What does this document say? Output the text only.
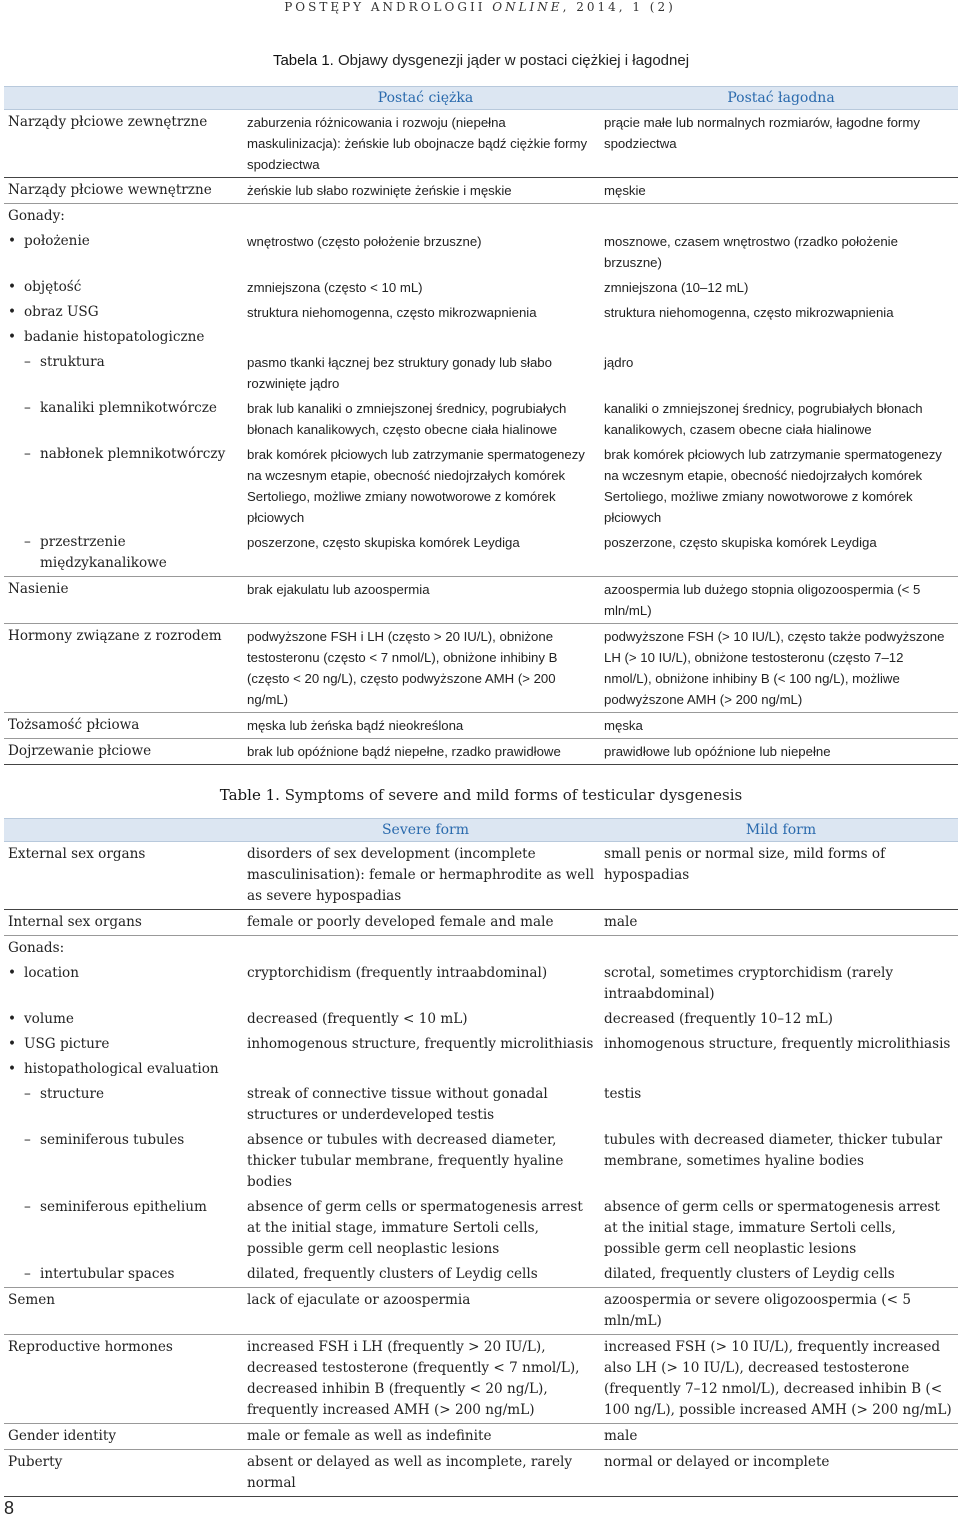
POSTĘPY ANDROLOGII ONLINE, 2014, 1 (2)
Tabela 1. Objawy dysgenezji jąder w postaci ciężkiej i łagodnej
	Postać ciężka	Postać łagodna
Narządy płciowe zewnętrzne	zaburzenia różnicowania i rozwoju (niepełna maskulinizacja): żeńskie lub obojnacze bądź ciężkie formy spodziectwa	prącie małe lub normalnych rozmiarów, łagodne formy spodziectwa
Narządy płciowe wewnętrzne	żeńskie lub słabo rozwinięte żeńskie i męskie	męskie
Gonady:		

• położenie	wnętrostwo (często położenie brzuszne)	mosznowe, czasem wnętrostwo (rzadko położenie brzuszne)

• objętość	zmniejszona (często < 10 mL)	zmniejszona (10–12 mL)

• obraz USG	struktura niehomogenna, często mikrozwapnienia	struktura niehomogenna, często mikrozwapnienia

• badanie histopatologiczne		

– struktura	pasmo tkanki łącznej bez struktury gonady lub słabo rozwinięte jądro	jądro

– kanaliki plemnikotwórcze	brak lub kanaliki o zmniejszonej średnicy, pogrubiałych błonach kanalikowych, często obecne ciała hialinowe	kanaliki o zmniejszonej średnicy, pogrubiałych błonach kanalikowych, czasem obecne ciała hialinowe

– nabłonek plemnikotwórczy	brak komórek płciowych lub zatrzymanie spermatogenezy na wczesnym etapie, obecność niedojrzałych komórek Sertoliego, możliwe zmiany nowotworowe z komórek płciowych	brak komórek płciowych lub zatrzymanie spermatogenezy na wczesnym etapie, obecność niedojrzałych komórek Sertoliego, możliwe zmiany nowotworowe z komórek płciowych

– przestrzenie międzykanalikowe	poszerzone, często skupiska komórek Leydiga	poszerzone, często skupiska komórek Leydiga
Nasienie	brak ejakulatu lub azoospermia	azoospermia lub dużego stopnia oligozoospermia (< 5 mln/mL)
Hormony związane z rozrodem	podwyższone FSH i LH (często > 20 IU/L), obniżone testosteronu (często < 7 nmol/L), obniżone inhibiny B (często < 20 ng/L), często podwyższone AMH (> 200 ng/mL)	podwyższone FSH (> 10 IU/L), często także podwyższone LH (> 10 IU/L), obniżone testosteronu (często 7–12 nmol/L), obniżone inhibiny B (< 100 ng/L), możliwe podwyższone AMH (> 200 ng/mL)
Tożsamość płciowa	męska lub żeńska bądź nieokreślona	męska
Dojrzewanie płciowe	brak lub opóźnione bądź niepełne, rzadko prawidłowe	prawidłowe lub opóźnione lub niepełne
Table 1. Symptoms of severe and mild forms of testicular dysgenesis
	Severe form	Mild form
External sex organs	disorders of sex development (incomplete masculinisation): female or hermaphrodite as well as severe hypospadias	small penis or normal size, mild forms of hypospadias
Internal sex organs	female or poorly developed female and male	male
Gonads:		

• location	cryptorchidism (frequently intraabdominal)	scrotal, sometimes cryptorchidism (rarely intraabdominal)

• volume	decreased (frequently < 10 mL)	decreased (frequently 10–12 mL)

• USG picture	inhomogenous structure, frequently microlithiasis	inhomogenous structure, frequently microlithiasis

• histopathological evaluation		

– structure	streak of connective tissue without gonadal structures or underdeveloped testis	testis

– seminiferous tubules	absence or tubules with decreased diameter, thicker tubular membrane, frequently hyaline bodies	tubules with decreased diameter, thicker tubular membrane, sometimes hyaline bodies

– seminiferous epithelium	absence of germ cells or spermatogenesis arrest at the initial stage, immature Sertoli cells, possible germ cell neoplastic lesions	absence of germ cells or spermatogenesis arrest at the initial stage, immature Sertoli cells, possible germ cell neoplastic lesions

– intertubular spaces	dilated, frequently clusters of Leydig cells	dilated, frequently clusters of Leydig cells
Semen	lack of ejaculate or azoospermia	azoospermia or severe oligozoospermia (< 5 mln/mL)
Reproductive hormones	increased FSH i LH (frequently > 20 IU/L), decreased testosterone (frequently < 7 nmol/L), decreased inhibin B (frequently < 20 ng/L), frequently increased AMH (> 200 ng/mL)	increased FSH (> 10 IU/L), frequently increased also LH (> 10 IU/L), decreased testosterone (frequently 7–12 nmol/L), decreased inhibin B (< 100 ng/L), possible increased AMH (> 200 ng/mL)
Gender identity	male or female as well as indefinite	male
Puberty	absent or delayed as well as incomplete, rarely normal	normal or delayed or incomplete
8
